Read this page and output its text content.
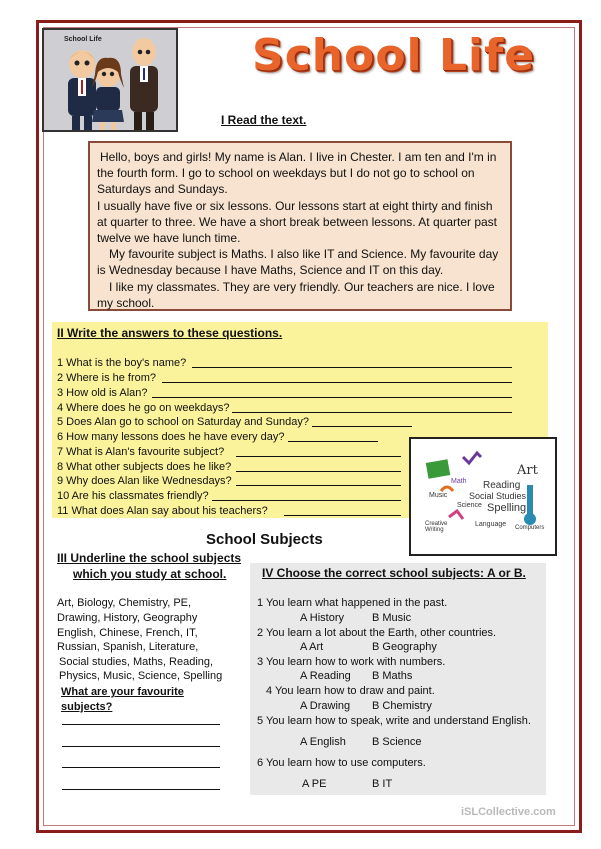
School Life	School Life
I Read the text.

Hello, boys and girls! My name is Alan. I live in Chester. I am ten and I'm in the fourth form. I go to school on weekdays but I do not go to school on Saturdays and Sundays.

I usually have five or six lessons. Our lessons start at eight thirty and finish at quarter to three. We have a short break between lessons. At quarter past twelve we have lunch time.

My favourite subject is Maths. I also like IT and Science. My favourite day is Wednesday because I have Maths, Science and IT on this day.

I like my classmates. They are very friendly. Our teachers are nice. I love my school.

II Write the answers to these questions.
1 What is the boy's name?
2 Where is he from?
3 How old is Alan?
4 Where does he go on weekdays?
5 Does Alan go to school on Saturday and Sunday?
6 How many lessons does he have every day?
7 What is Alan's favourite subject?
8 What other subjects does he like?
9 Why does Alan like Wednesdays?
10 Are his classmates friendly?
11 What does Alan say about his teachers?
Art
Math Reading
Music Social Studies
Science Spelling
Creative Writing
Language Computers
School Subjects
III Underline the school subjects
which you study at school.
Art, Biology, Chemistry, PE,
Drawing, History, Geography
English, Chinese, French, IT,
Russian, Spanish, Literature,
Social studies, Maths, Reading,
Physics, Music, Science, Spelling
What are your favourite
subjects?
IV Choose the correct school subjects: A or B.
1 You learn what happened in the past.
A History	B Music
2 You learn a lot about the Earth, other countries.
A Art	B Geography
3 You learn how to work with numbers.
A Reading B Maths
4 You learn how to draw and paint.
A Drawing B Chemistry
5 You learn how to speak, write and understand English.
A English B Science
6 You learn how to use computers.
A PE	B IT
iSLCollective.com
